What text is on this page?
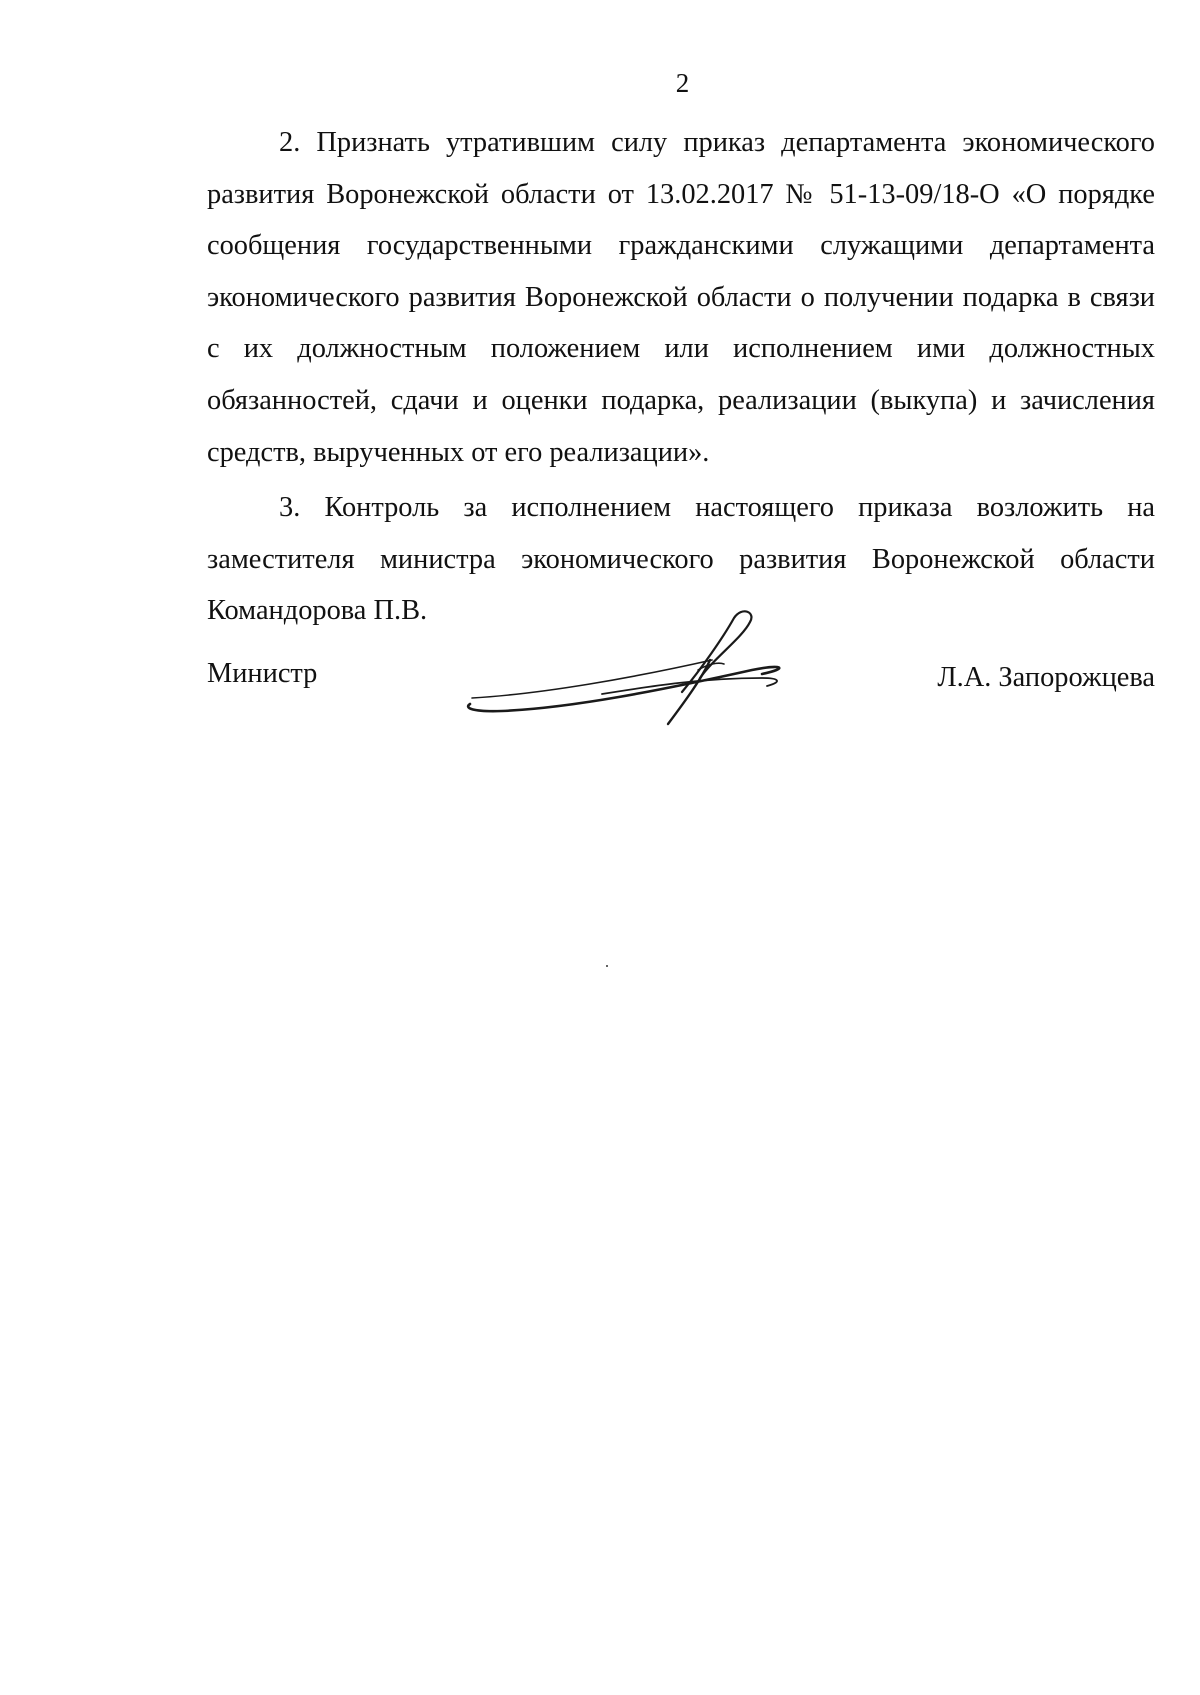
2

2. Признать утратившим силу приказ департамента экономического развития Воронежской области от 13.02.2017 № 51-13-09/18-О «О порядке сообщения государственными гражданскими служащими департамента экономического развития Воронежской области о получении подарка в связи с их должностным положением или исполнением ими должностных обязанностей, сдачи и оценки подарка, реализации (выкупа) и зачисления средств, вырученных от его реализации».

3. Контроль за исполнением настоящего приказа возложить на заместителя министра экономического развития Воронежской области Командорова П.В.

Министр	Л.А. Запорожцева
